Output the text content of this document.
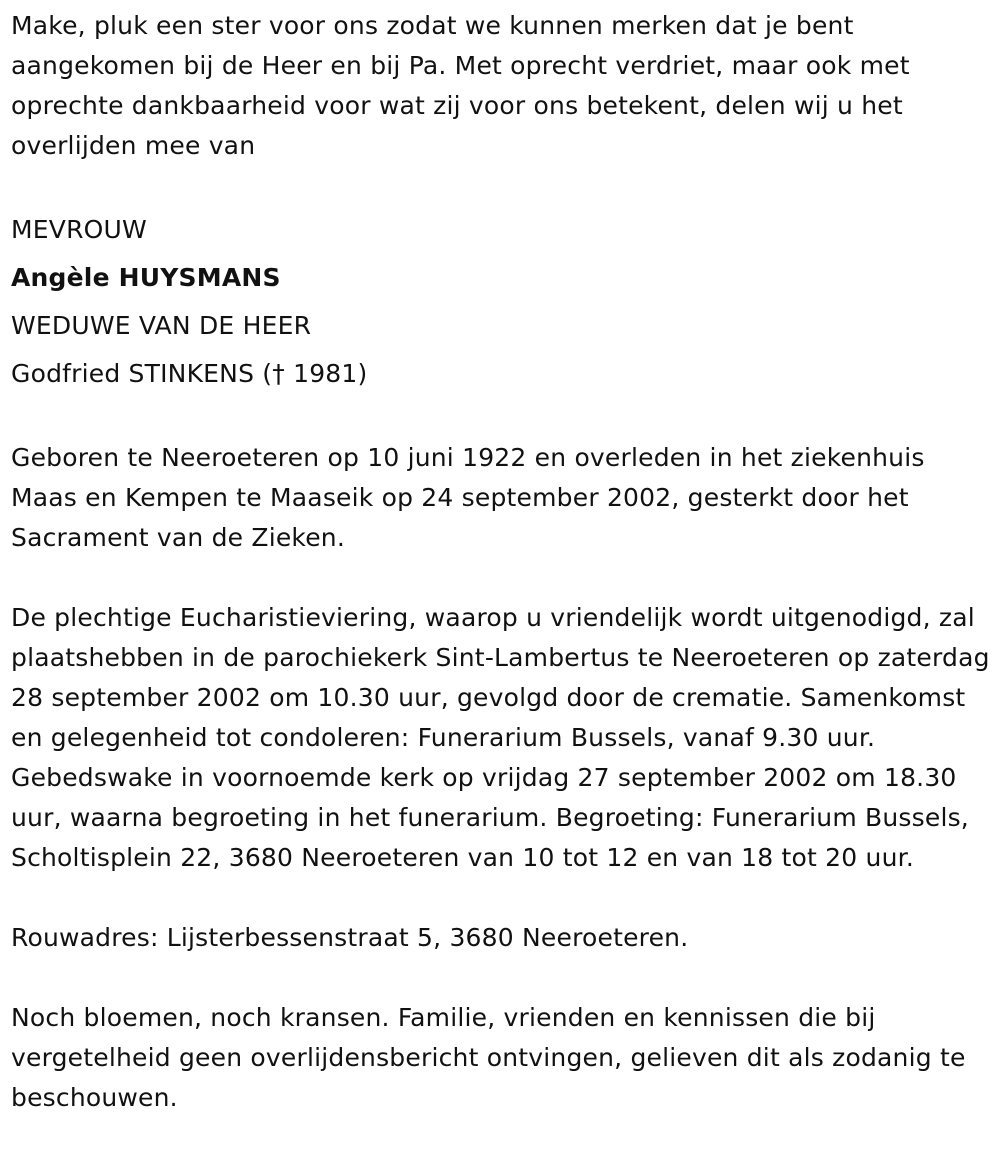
Make, pluk een ster voor ons zodat we kunnen merken dat je bent aangekomen bij de Heer en bij Pa. Met oprecht verdriet, maar ook met oprechte dankbaarheid voor wat zij voor ons betekent, delen wij u het overlijden mee van

MEVROUW

Angèle HUYSMANS

WEDUWE VAN DE HEER

Godfried STINKENS († 1981)

Geboren te Neeroeteren op 10 juni 1922 en overleden in het ziekenhuis Maas en Kempen te Maaseik op 24 september 2002, gesterkt door het Sacrament van de Zieken.

De plechtige Eucharistieviering, waarop u vriendelijk wordt uitgenodigd, zal plaatshebben in de parochiekerk Sint-Lambertus te Neeroeteren op zaterdag 28 september 2002 om 10.30 uur, gevolgd door de crematie. Samenkomst en gelegenheid tot condoleren: Funerarium Bussels, vanaf 9.30 uur. Gebedswake in voornoemde kerk op vrijdag 27 september 2002 om 18.30 uur, waarna begroeting in het funerarium. Begroeting: Funerarium Bussels, Scholtisplein 22, 3680 Neeroeteren van 10 tot 12 en van 18 tot 20 uur.

Rouwadres: Lijsterbessenstraat 5, 3680 Neeroeteren.

Noch bloemen, noch kransen. Familie, vrienden en kennissen die bij vergetelheid geen overlijdensbericht ontvingen, gelieven dit als zodanig te beschouwen.
